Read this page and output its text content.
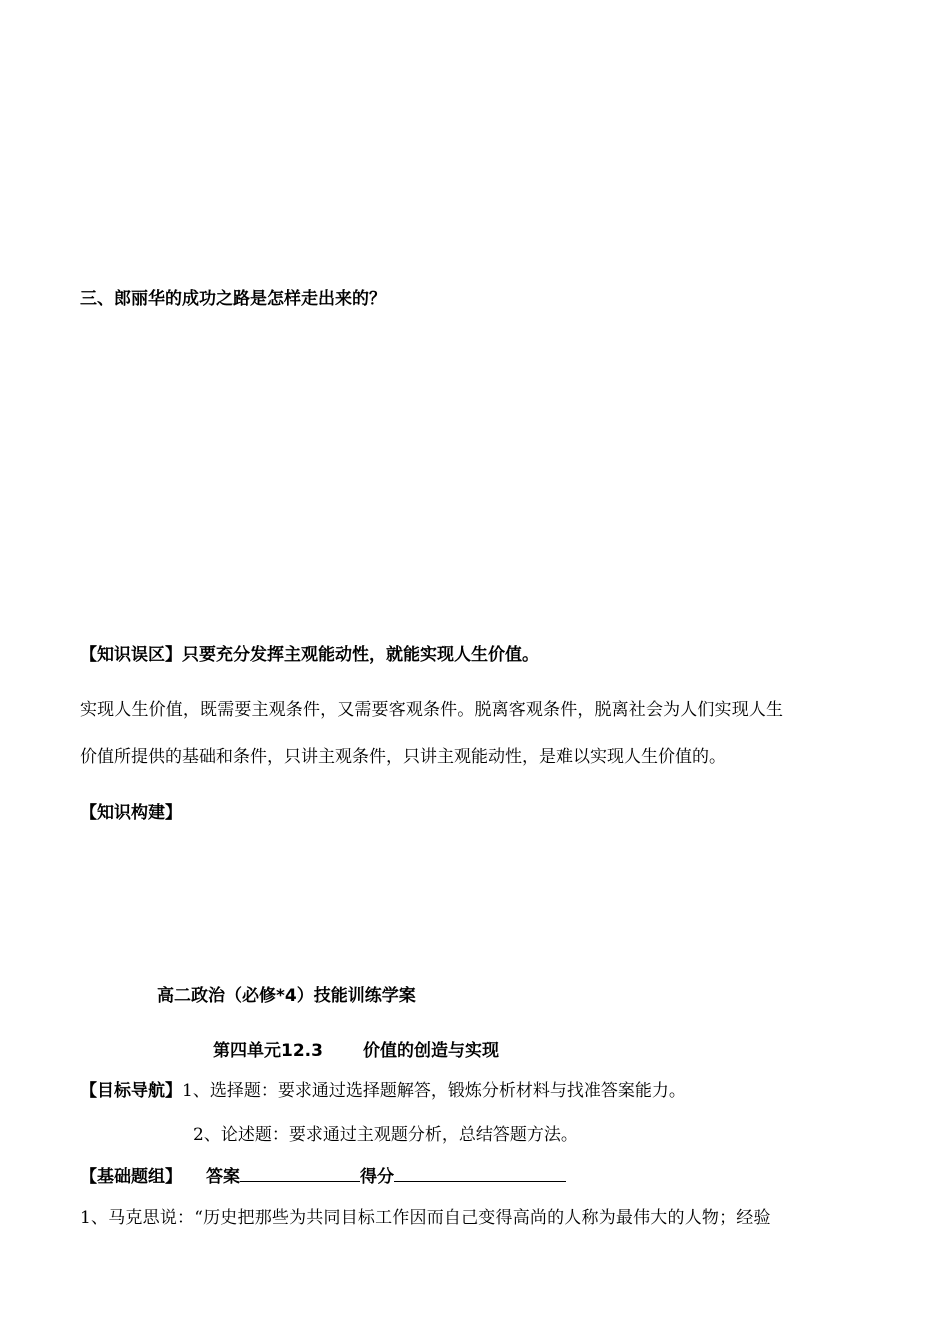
三、郎丽华的成功之路是怎样走出来的？
【知识误区】只要充分发挥主观能动性，就能实现人生价值。
实现人生价值，既需要主观条件，又需要客观条件。脱离客观条件，脱离社会为人们实现人生
价值所提供的基础和条件，只讲主观条件，只讲主观能动性，是难以实现人生价值的。
【知识构建】
高二政治（必修*4）技能训练学案
第四单元12.3 价值的创造与实现
【目标导航】1、选择题：要求通过选择题解答，锻炼分析材料与找准答案能力。
2、论述题：要求通过主观题分析，总结答题方法。
【基础题组】 答案	得分
1、马克思说：“历史把那些为共同目标工作因而自己变得高尚的人称为最伟大的人物；经验
